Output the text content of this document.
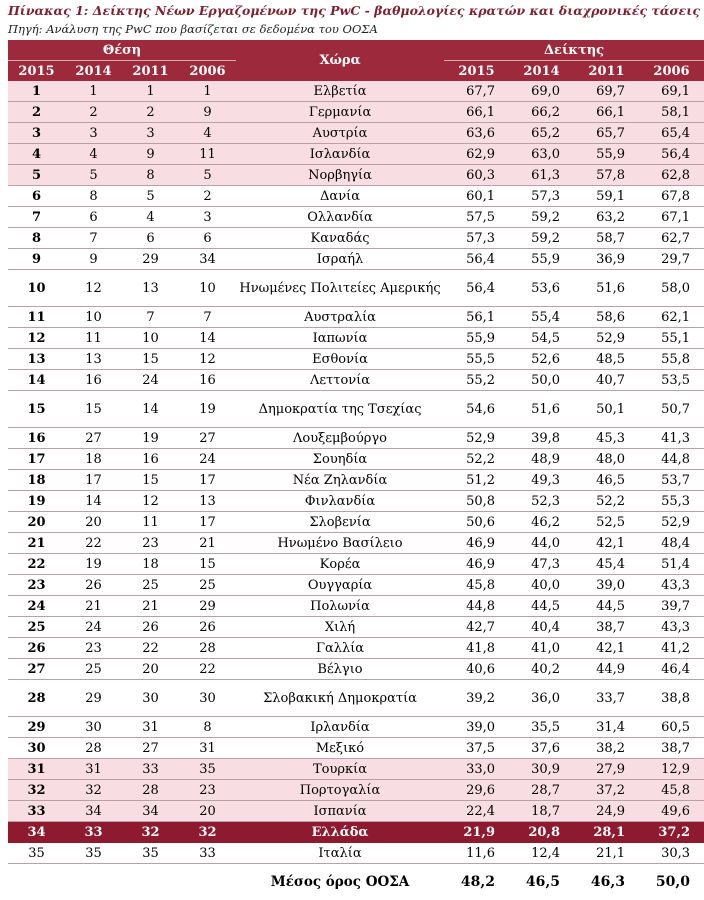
Πίνακας 1: Δείκτης Νέων Εργαζομένων της PwC - βαθμολογίες κρατών και διαχρονικές τάσεις
Πηγή: Ανάλυση της PwC που βασίζεται σε δεδομένα του ΟΟΣΑ
Θέση				Χώρα	Δείκτης			
2015	2014	2011	2006		2015	2014	2011	2006
1	1	1	1	Ελβετία	67,7	69,0	69,7	69,1
2	2	2	9	Γερμανία	66,1	66,2	66,1	58,1
3	3	3	4	Αυστρία	63,6	65,2	65,7	65,4
4	4	9	11	Ισλανδία	62,9	63,0	55,9	56,4
5	5	8	5	Νορβηγία	60,3	61,3	57,8	62,8
6	8	5	2	Δανία	60,1	57,3	59,1	67,8
7	6	4	3	Ολλανδία	57,5	59,2	63,2	67,1
8	7	6	6	Καναδάς	57,3	59,2	58,7	62,7
9	9	29	34	Ισραήλ	56,4	55,9	36,9	29,7
10	12	13	10	Ηνωμένες Πολιτείες Αμερικής	56,4	53,6	51,6	58,0
11	10	7	7	Αυστραλία	56,1	55,4	58,6	62,1
12	11	10	14	Ιαπωνία	55,9	54,5	52,9	55,1
13	13	15	12	Εσθονία	55,5	52,6	48,5	55,8
14	16	24	16	Λεττονία	55,2	50,0	40,7	53,5
15	15	14	19	Δημοκρατία της Τσεχίας	54,6	51,6	50,1	50,7
16	27	19	27	Λουξεμβούργο	52,9	39,8	45,3	41,3
17	18	16	24	Σουηδία	52,2	48,9	48,0	44,8
18	17	15	17	Νέα Ζηλανδία	51,2	49,3	46,5	53,7
19	14	12	13	Φινλανδία	50,8	52,3	52,2	55,3
20	20	11	17	Σλοβενία	50,6	46,2	52,5	52,9
21	22	23	21	Ηνωμένο Βασίλειο	46,9	44,0	42,1	48,4
22	19	18	15	Κορέα	46,9	47,3	45,4	51,4
23	26	25	25	Ουγγαρία	45,8	40,0	39,0	43,3
24	21	21	29	Πολωνία	44,8	44,5	44,5	39,7
25	24	26	26	Χιλή	42,7	40,4	38,7	43,3
26	23	22	28	Γαλλία	41,8	41,0	42,1	41,2
27	25	20	22	Βέλγιο	40,6	40,2	44,9	46,4
28	29	30	30	Σλοβακική Δημοκρατία	39,2	36,0	33,7	38,8
29	30	31	8	Ιρλανδία	39,0	35,5	31,4	60,5
30	28	27	31	Μεξικό	37,5	37,6	38,2	38,7
31	31	33	35	Τουρκία	33,0	30,9	27,9	12,9
32	32	28	23	Πορτογαλία	29,6	28,7	37,2	45,8
33	34	34	20	Ισπανία	22,4	18,7	24,9	49,6
34	33	32	32	Ελλάδα	21,9	20,8	28,1	37,2
35	35	35	33	Ιταλία	11,6	12,4	21,1	30,3
				Μέσος όρος ΟΟΣΑ	48,2	46,5	46,3	50,0
